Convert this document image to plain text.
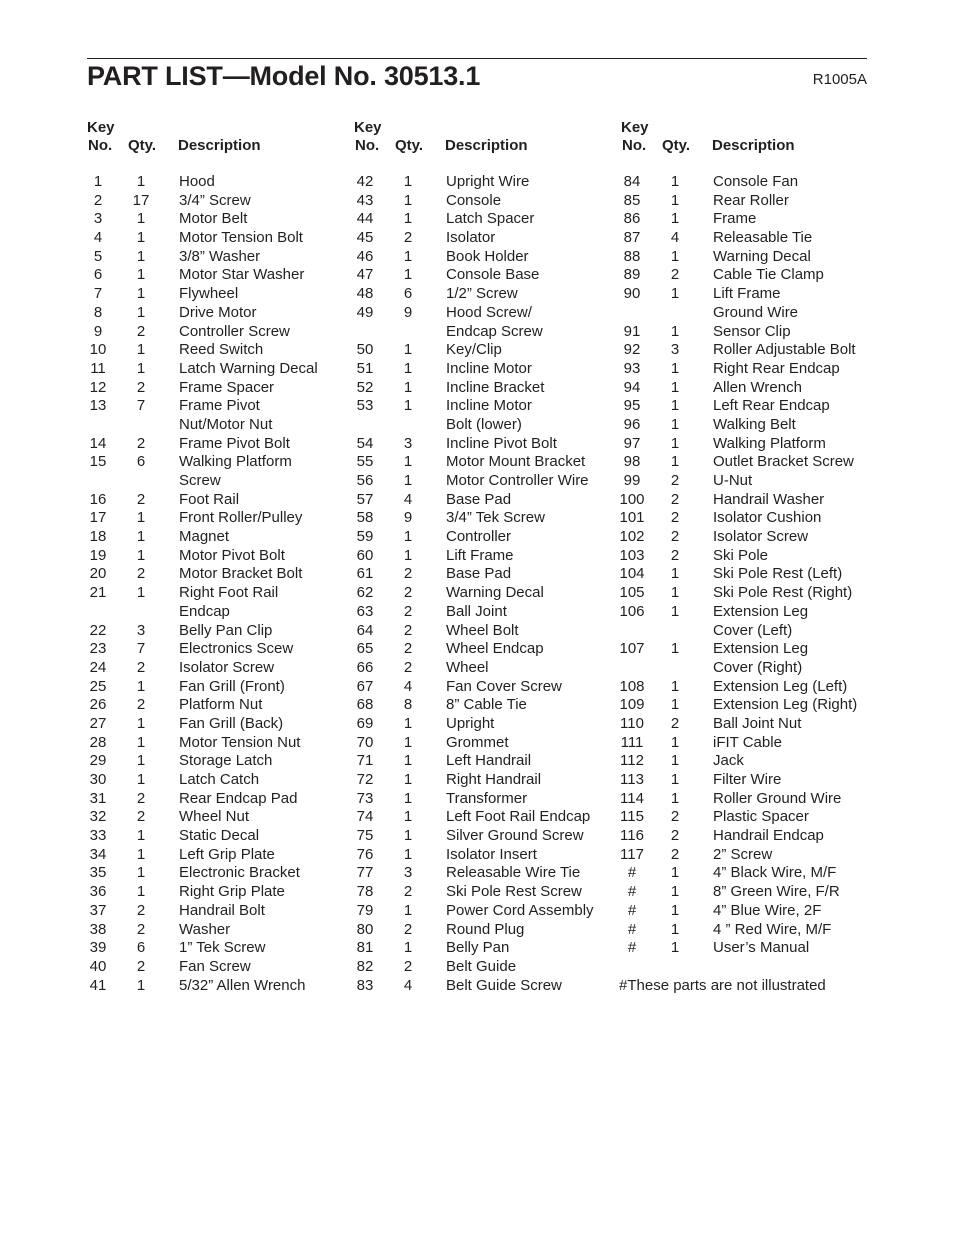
PART LIST—Model No. 30513.1	R1005A
Key
No. Qty. Description
1	1	Hood
2	17	3/4” Screw
3	1	Motor Belt
4	1	Motor Tension Bolt
5	1	3/8” Washer
6	1	Motor Star Washer
7	1	Flywheel
8	1	Drive Motor
9	2	Controller Screw
10	1	Reed Switch
11	1	Latch Warning Decal
12	2	Frame Spacer
13	7	Frame Pivot
Nut/Motor Nut
14	2	Frame Pivot Bolt
15	6	Walking Platform
Screw
16	2	Foot Rail
17	1	Front Roller/Pulley
18	1	Magnet
19	1	Motor Pivot Bolt
20	2	Motor Bracket Bolt
21	1	Right Foot Rail
Endcap
22	3	Belly Pan Clip
23	7	Electronics Scew
24	2	Isolator Screw
25	1	Fan Grill (Front)
26	2	Platform Nut
27	1	Fan Grill (Back)
28	1	Motor Tension Nut
29	1	Storage Latch
30	1	Latch Catch
31	2	Rear Endcap Pad
32	2	Wheel Nut
33	1	Static Decal
34	1	Left Grip Plate
35	1	Electronic Bracket
36	1	Right Grip Plate
37	2	Handrail Bolt
38	2	Washer
39	6	1” Tek Screw
40	2	Fan Screw
41	1	5/32” Allen Wrench
Key
No. Qty. Description
42	1	Upright Wire
43	1	Console
44	1	Latch Spacer
45	2	Isolator
46	1	Book Holder
47	1	Console Base
48	6	1/2” Screw
49	9	Hood Screw/
Endcap Screw
50	1	Key/Clip
51	1	Incline Motor
52	1	Incline Bracket
53	1	Incline Motor
Bolt (lower)
54	3	Incline Pivot Bolt
55	1	Motor Mount Bracket
56	1	Motor Controller Wire
57	4	Base Pad
58	9	3/4” Tek Screw
59	1	Controller
60	1	Lift Frame
61	2	Base Pad
62	2	Warning Decal
63	2	Ball Joint
64	2	Wheel Bolt
65	2	Wheel Endcap
66	2	Wheel
67	4	Fan Cover Screw
68	8	8” Cable Tie
69	1	Upright
70	1	Grommet
71	1	Left Handrail
72	1	Right Handrail
73	1	Transformer
74	1	Left Foot Rail Endcap
75	1	Silver Ground Screw
76	1	Isolator Insert
77	3	Releasable Wire Tie
78	2	Ski Pole Rest Screw
79	1	Power Cord Assembly
80	2	Round Plug
81	1	Belly Pan
82	2	Belt Guide
83	4	Belt Guide Screw
Key
No. Qty. Description
84	1	Console Fan
85	1	Rear Roller
86	1	Frame
87	4	Releasable Tie
88	1	Warning Decal
89	2	Cable Tie Clamp
90	1	Lift Frame
Ground Wire
91	1	Sensor Clip
92	3	Roller Adjustable Bolt
93	1	Right Rear Endcap
94	1	Allen Wrench
95	1	Left Rear Endcap
96	1	Walking Belt
97	1	Walking Platform
98	1	Outlet Bracket Screw
99	2	U-Nut
100	2	Handrail Washer
101	2	Isolator Cushion
102	2	Isolator Screw
103	2	Ski Pole
104	1	Ski Pole Rest (Left)
105	1	Ski Pole Rest (Right)
106	1	Extension Leg
Cover (Left)
107	1	Extension Leg
Cover (Right)
108	1	Extension Leg (Left)
109	1	Extension Leg (Right)
110	2	Ball Joint Nut
111	1	iFIT Cable
112	1	Jack
113	1	Filter Wire
114	1	Roller Ground Wire
115	2	Plastic Spacer
116	2	Handrail Endcap
117	2	2” Screw
#	1	4” Black Wire, M/F
#	1	8” Green Wire, F/R
#	1	4” Blue Wire, 2F
#	1	4 ” Red Wire, M/F
#	1	User’s Manual
#These parts are not illustrated
